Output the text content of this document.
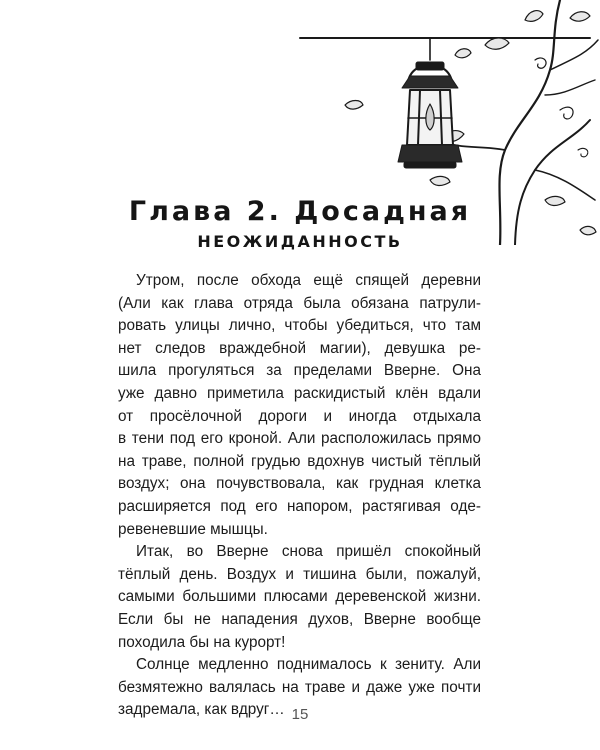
Глава 2. Досадная
НЕОЖИДАННОСТЬ
Утром, после обхода ещё спящей деревни
(Али как глава отряда была обязана патрули-
ровать улицы лично, чтобы убедиться, что там
нет следов враждебной магии), девушка ре-
шила прогуляться за пределами Вверне. Она
уже давно приметила раскидистый клён вдали
от просёлочной дороги и иногда отдыхала
в тени под его кроной. Али расположилась прямо
на траве, полной грудью вдохнув чистый тёплый
воздух; она почувствовала, как грудная клетка
расширяется под его напором, растягивая оде-
ревеневшие мышцы.
Итак, во Вверне снова пришёл спокойный
тёплый день. Воздух и тишина были, пожалуй,
самыми большими плюсами деревенской жизни.
Если бы не нападения духов, Вверне вообще
походила бы на курорт!
Солнце медленно поднималось к зениту. Али
безмятежно валялась на траве и даже уже почти
задремала, как вдруг… 15
